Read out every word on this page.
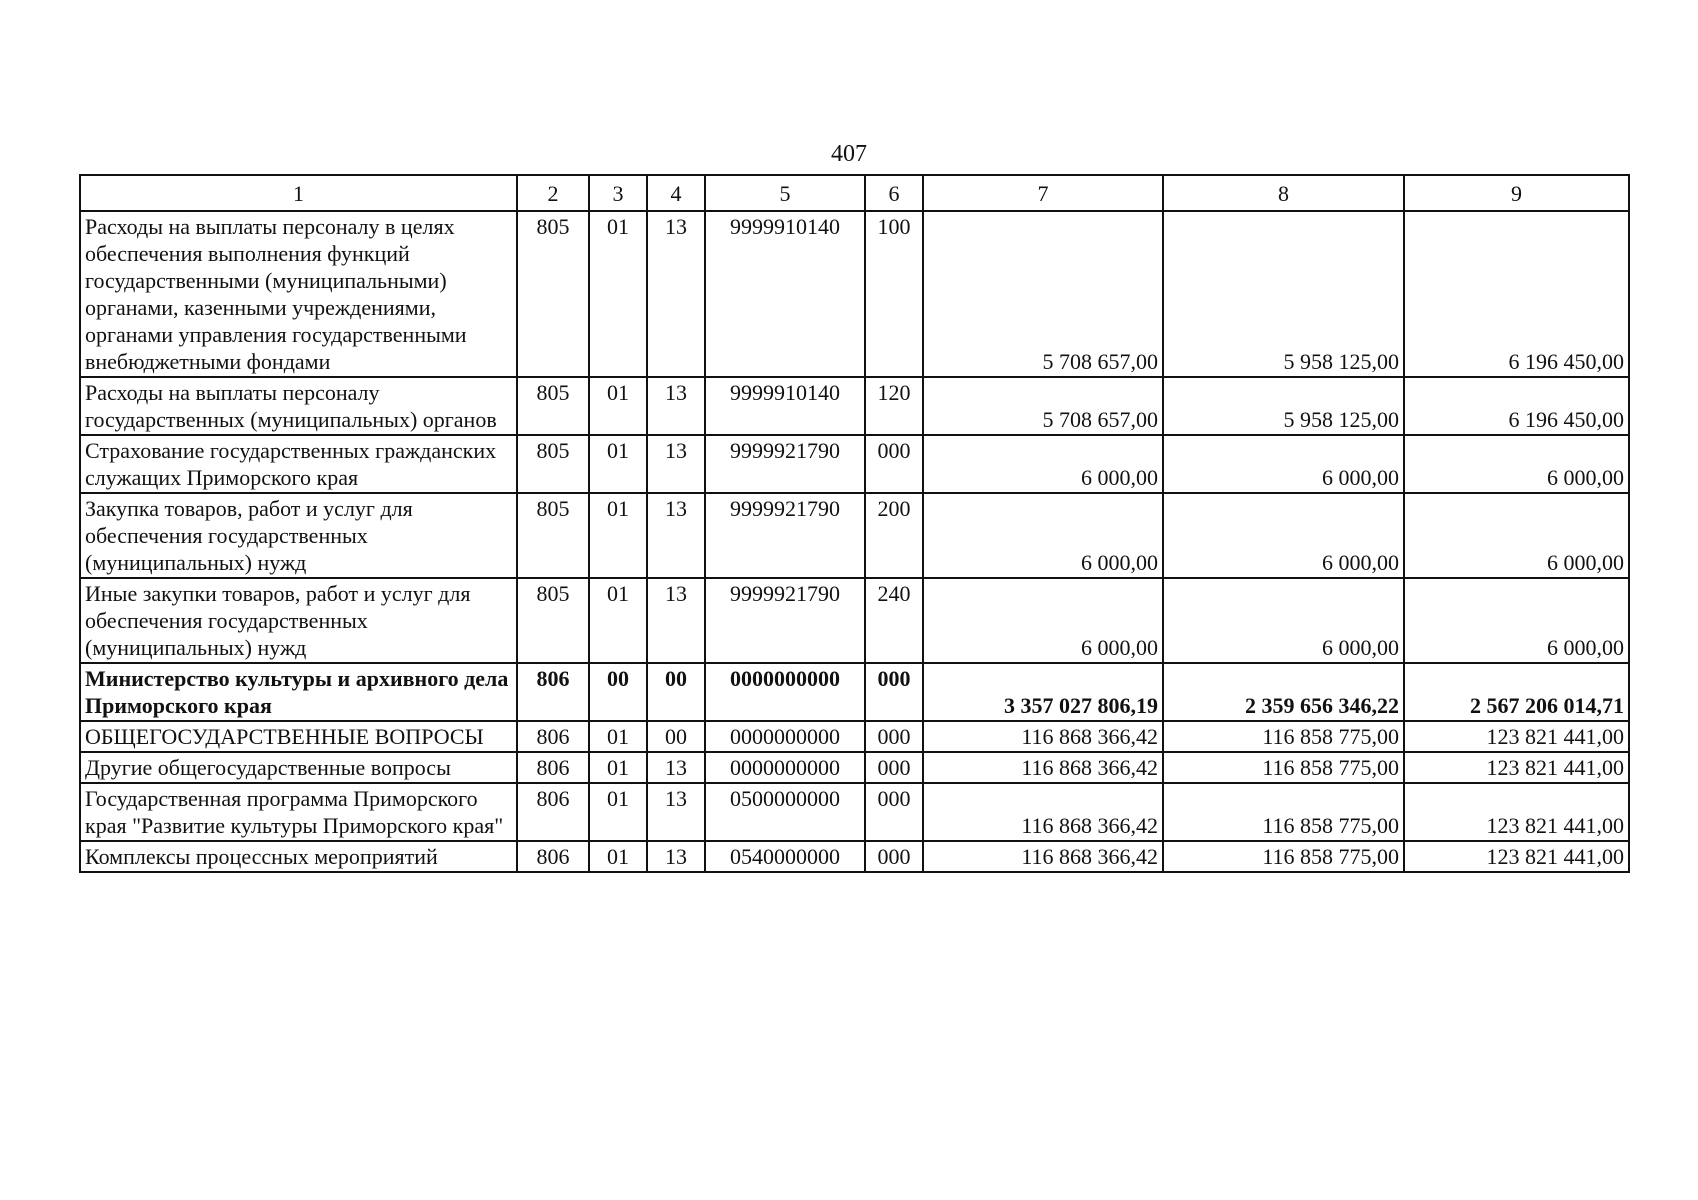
407
1	2	3	4	5	6	7	8	9
Расходы на выплаты персоналу в целях обеспечения выполнения функций государственными (муниципальными) органами, казенными учреждениями, органами управления государственными внебюджетными фондами	805	01	13	9999910140	100	5 708 657,00	5 958 125,00	6 196 450,00
Расходы на выплаты персоналу государственных (муниципальных) органов	805	01	13	9999910140	120	5 708 657,00	5 958 125,00	6 196 450,00
Страхование государственных гражданских служащих Приморского края	805	01	13	9999921790	000	6 000,00	6 000,00	6 000,00
Закупка товаров, работ и услуг для обеспечения государственных (муниципальных) нужд	805	01	13	9999921790	200	6 000,00	6 000,00	6 000,00
Иные закупки товаров, работ и услуг для обеспечения государственных (муниципальных) нужд	805	01	13	9999921790	240	6 000,00	6 000,00	6 000,00
Министерство культуры и архивного дела Приморского края	806	00	00	0000000000	000	3 357 027 806,19	2 359 656 346,22	2 567 206 014,71
ОБЩЕГОСУДАРСТВЕННЫЕ ВОПРОСЫ	806	01	00	0000000000	000	116 868 366,42	116 858 775,00	123 821 441,00
Другие общегосударственные вопросы	806	01	13	0000000000	000	116 868 366,42	116 858 775,00	123 821 441,00
Государственная программа Приморского края "Развитие культуры Приморского края"	806	01	13	0500000000	000	116 868 366,42	116 858 775,00	123 821 441,00
Комплексы процессных мероприятий	806	01	13	0540000000	000	116 868 366,42	116 858 775,00	123 821 441,00
